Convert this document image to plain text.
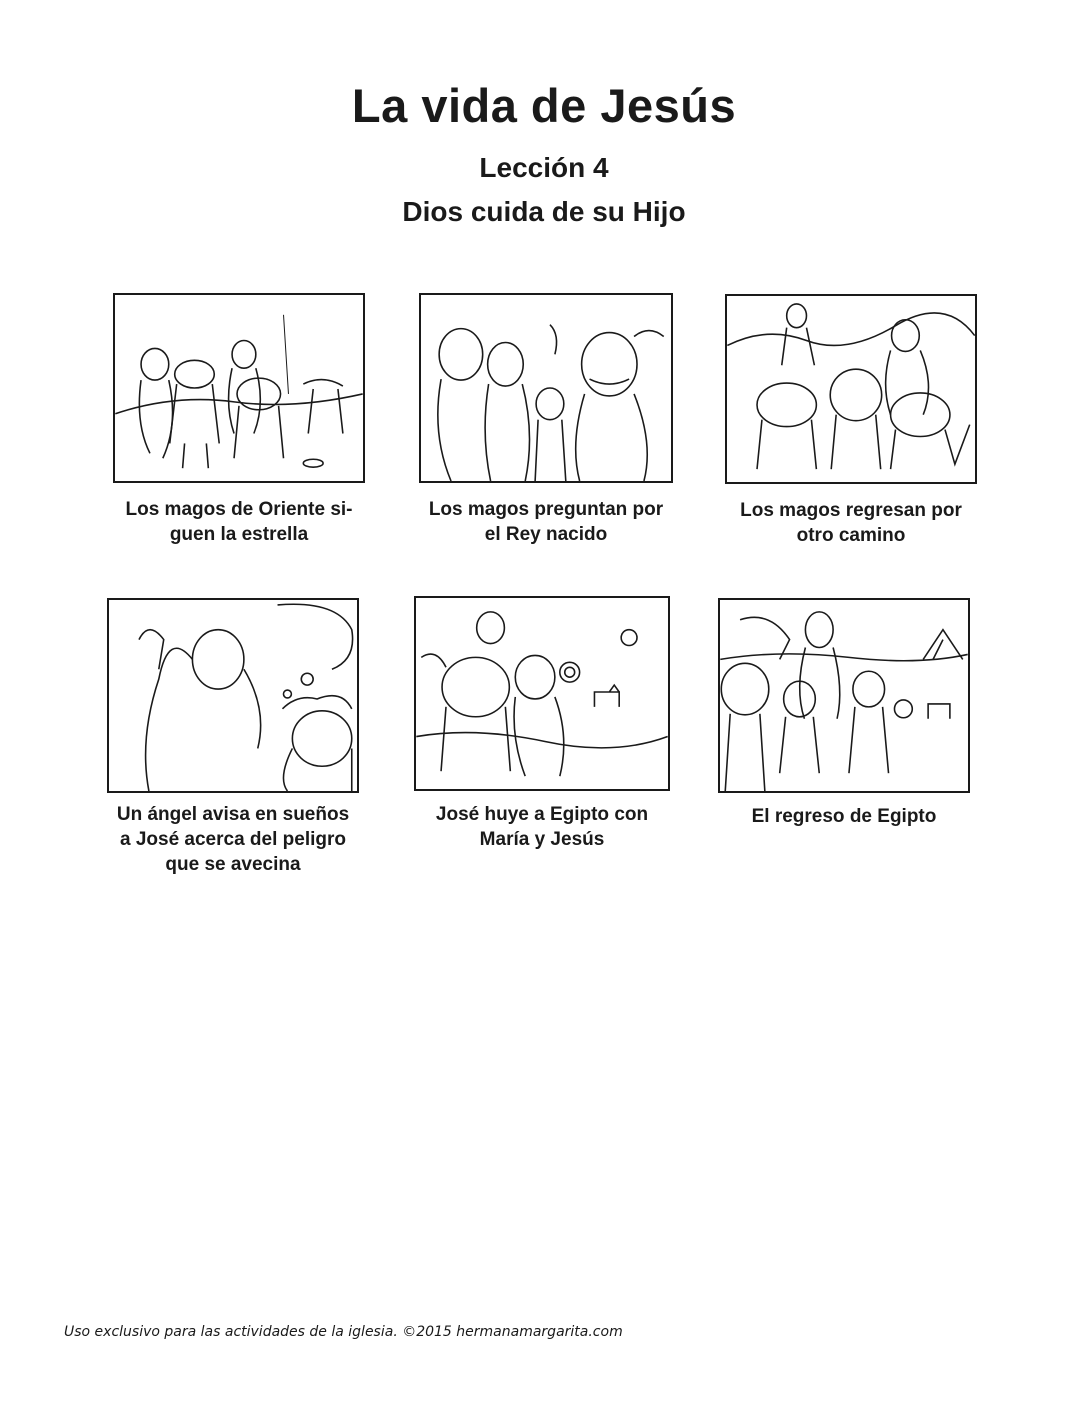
La vida de Jesús
Lección 4
Dios cuida de su Hijo
Los magos de Oriente si-
guen la estrella
Los magos preguntan por
el Rey nacido
Los magos regresan por
otro camino
Un ángel avisa en sueños
a José acerca del peligro
que se avecina
José huye a Egipto con
María y Jesús
El regreso de Egipto
Uso exclusivo para las actividades de la iglesia. ©2015 hermanamargarita.com
